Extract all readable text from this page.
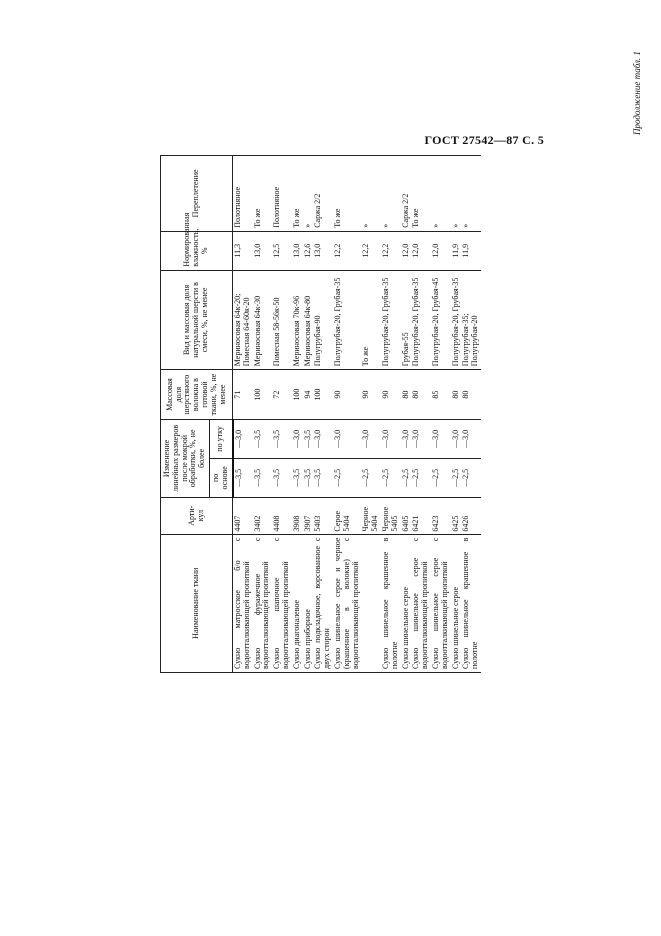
ГОСТ 27542—87 С. 5
Продолжение табл. 1
Наименование ткани	Арти-кул	Изменение линейных размеров после мокрой обработки, %, не более		Массовая доля шерстяного волокна в готовой ткани, %, не менее	Вид и массовая доля натуральной шерсти в смеси, %, не менее	Нормированная влажность, %	Переплетение
		по основе	по утку				
Сукно матросское б/о с водоотталкивающей пропиткой	4407	—3,5	—3,0	71	Мериносовая 64к-20; Помесная 64-60к-20	11,3	Полотняное
Сукно фуражечное с водоотталкивающей пропиткой	3402	—3,5	—3,5	100	Мериносовая 64к-30	13,0	То же
Сукно шапочное с водоотталкивающей пропиткой	4408	—3,5	—3,5	72	Помесная 58-56к-50	12,5	Полотняное
Сукно диагоналевое	3908	—3,5	—3,0	100	Мериносовая 70к-96	13,0	То же
Сукно приборное	3907	—3,5	—3,5	94	Мериносовая 64к-80	12,6	»
Сукно подкладочное, ворсованное с двух сторон	5403	—3,5	—3,0	100	Полугрубая-90	13,0	Саржа 2/2
Сукно шинельное серое и черное (крашенное в волокне) с водоотталкивающей пропиткой	Серое 5404	—2,5	—3,0	90	Полугрубая-20, Грубая-35	12,2	То же
	Черное 5404	—2,5	—3,0	90	То же	12,2	»
Сукно шинельное крашенное в полотне	Черное 5405	—2,5	—3,0	90	Полугрубая-20, Грубая-35	12,2	»
Сукно шинельное серое	6405	—2,5	—3,0	80	Грубая-55	12,0	Саржа 2/2
Сукно шинельное серое с водоотталкивающей пропиткой	6421	—2,5	—3,0	80	Полугрубая-20, Грубая-35	12,0	То же
Сукно шинельное серое с водоотталкивающей пропиткой	6423	—2,5	—3,0	85	Полугрубая-20, Грубая-45	12,0	»
Сукно шинельное серое	6425	—2,5	—3,0	80	Полугрубая-20, Грубая-35	11,9	»
Сукно шинельное крашенное в полотне	6426	—2,5	—3,0	80	Полугрубая-35; Полугрубая-20	11,9	»
